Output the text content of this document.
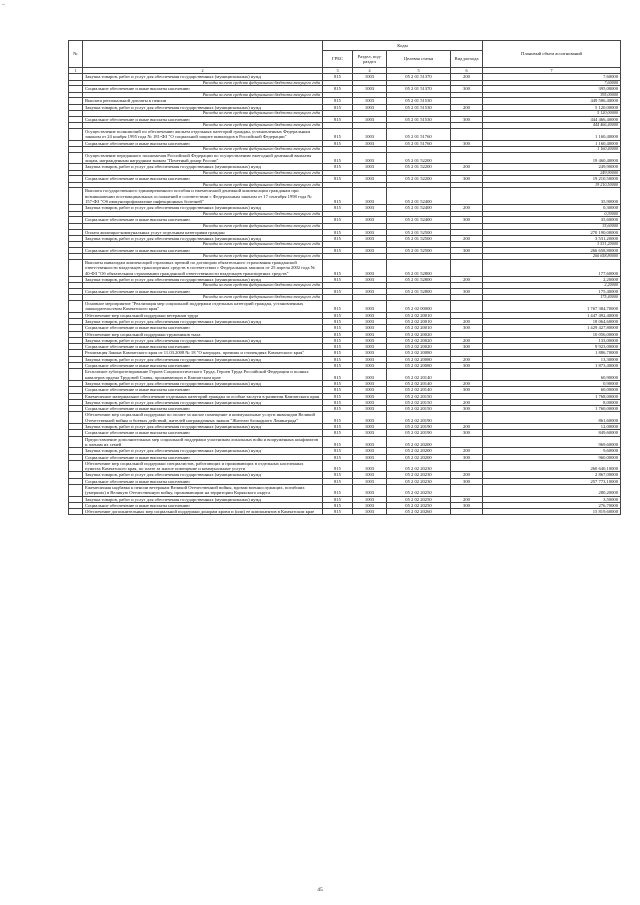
–
№		Коды				Плановый объем ассигнований
		ГРБС	Раздел, под-раздел	Целевая статья	Вид расхода	
1	2	3	4	5	6	7
	Закупка товаров, работ и услуг для обеспечения государственных (муниципальных) нужд	815	1003	05 2 01 51370	200	7,60000
	Расходы за счет средств федерального бюджета текущего года					7,60000
	Социальное обеспечение и иные выплаты населению	815	1003	05 2 01 51370	300	395,00000
	Расходы за счет средств федерального бюджета текущего года					395,00000
	Выплата региональной доплаты к пенсии	815	1003	05 2 01 51530		449 586,40000
	Закупка товаров, работ и услуг для обеспечения государственных (муниципальных) нужд	815	1003	05 2 01 51530	200	5 120,00000
	Расходы за счет средств федерального бюджета текущего года					5 120,00000
	Социальное обеспечение и иные выплаты населению	815	1003	05 2 01 51530	300	444 466,40000
	Расходы за счет средств федерального бюджета текущего года					444 466,40000
	Осуществление полномочий по обеспечению жильем отдельных категорий граждан, установленных Федеральным законом от 24 ноября 1995 года № 181-ФЗ "О социальной защите инвалидов в Российской Федерации"	815	1003	05 2 01 51760		1 160,40000
	Социальное обеспечение и иные выплаты населению	815	1003	05 2 01 51760	300	1 160,40000
	Расходы за счет средств федерального бюджета текущего года					1 160,40000
	Осуществление переданного полномочия Российской Федерации по осуществлению ежегодной денежной выплаты лицам, награжденным нагрудным знаком "Почетный донор России"	815	1003	05 2 01 52200		19 460,40000
	Закупка товаров, работ и услуг для обеспечения государственных (муниципальных) нужд	815	1003	05 2 01 52200	200	249,90000
	Расходы за счет средств федерального бюджета текущего года					249,90000
	Социальное обеспечение и иные выплаты населению	815	1003	05 2 01 52200	300	19 210,50000
	Расходы за счет средств федерального бюджета текущего года					19 210,50000
	Выплата государственного единовременного пособия и ежемесячной денежной компенсации гражданам при возникновении поствакцинальных осложнений в соответствии с Федеральным законом от 17 сентября 1998 года № 157-ФЗ "Об иммунопрофилактике инфекционных болезней"	815	1003	05 2 01 52400		35,90000
	Закупка товаров, работ и услуг для обеспечения государственных (муниципальных) нужд	815	1003	05 2 01 52400	200	0,30000
	Расходы за счет средств федерального бюджета текущего года					0,30000
	Социальное обеспечение и иные выплаты населению	815	1003	05 2 01 52400	300	35,60000
	Расходы за счет средств федерального бюджета текущего года					35,60000
	Оплата жилищно-коммунальных услуг отдельным категориям граждан	815	1003	05 2 01 52500		270 190,00000
	Закупка товаров, работ и услуг для обеспечения государственных (муниципальных) нужд	815	1003	05 2 01 52500	200	3 531,20000
	Расходы за счет средств федерального бюджета текущего года					3 531,20000
	Социальное обеспечение и иные выплаты населению	815	1003	05 2 01 52500	300	266 658,80000
	Расходы за счет средств федерального бюджета текущего года					266 658,80000
	Выплаты инвалидам компенсаций страховых премий по договорам обязательного страхования гражданской ответственности владельцев транспортных средств в соответствии с Федеральным законом от 25 апреля 2002 года № 40-ФЗ "Об обязательном страховании гражданской ответственности владельцев транспортных средств"	815	1003	05 2 01 52800		177,60000
	Закупка товаров, работ и услуг для обеспечения государственных (муниципальных) нужд	815	1003	05 2 01 52800	200	2,20000
	Расходы за счет средств федерального бюджета текущего года					2,20000
	Социальное обеспечение и иные выплаты населению	815	1003	05 2 01 52800	300	175,40000
	Расходы за счет средств федерального бюджета текущего года					175,40000
	Основное мероприятие "Реализация мер социальной поддержки отдельных категорий граждан, установленных законодательством Камчатского края"	815	1003	05 2 02 00000		1 767 384,70000
	Обеспечение мер социальной поддержки ветеранов труда	815	1003	05 2 02 20010		1 447 492,40000
	Закупка товаров, работ и услуг для обеспечения государственных (муниципальных) нужд	815	1003	05 2 02 20010	200	18 064,60000
	Социальное обеспечение и иные выплаты населению	815	1003	05 2 02 20010	300	1 429 427,80000
	Обеспечение мер социальной поддержки тружеников тыла	815	1003	05 2 02 20020		10 056,00000
	Закупка товаров, работ и услуг для обеспечения государственных (муниципальных) нужд	815	1003	05 2 02 20020	200	133,00000
	Социальное обеспечение и иные выплаты населению	815	1003	05 2 02 20020	300	9 923,00000
	Реализация Закона Камчатского края от 11.03.2008 № 18 "О наградах, премиях и стипендиях Камчатского края"	815	1003	05 2 02 20080		1 886,70000
	Закупка товаров, работ и услуг для обеспечения государственных (муниципальных) нужд	815	1003	05 2 02 20080	200	13,30000
	Социальное обеспечение и иные выплаты населению	815	1003	05 2 02 20080	300	1 873,40000
	Бесплатное зубопротезирование Героев Социалистического Труда, Героев Труда Российской Федерации и полных кавалеров ордена Трудовой Славы, проживающих в Камчатском крае	815	1003	05 2 02 20140		60,90000
	Закупка товаров, работ и услуг для обеспечения государственных (муниципальных) нужд	815	1003	05 2 02 20140	200	0,90000
	Социальное обеспечение и иные выплаты населению	815	1003	05 2 02 20140	300	60,00000
	Ежемесячное материальное обеспечение отдельных категорий граждан за особые заслуги в развитии Камчатского края	815	1003	05 2 02 20150		1 768,00000
	Закупка товаров, работ и услуг для обеспечения государственных (муниципальных) нужд	815	1003	05 2 02 20150	200	8,00000
	Социальное обеспечение и иные выплаты населению	815	1003	05 2 02 20150	300	1 760,00000
	Обеспечение мер социальной поддержки по оплате за жилое помещение и коммунальные услуги инвалидов Великой Отечественной войны и боевых действий, жителей награжденных знаком "Жителю блокадного Ленинграда"	815	1003	05 2 02 20190		861,60000
	Закупка товаров, работ и услуг для обеспечения государственных (муниципальных) нужд	815	1003	05 2 02 20190	200	12,00000
	Социальное обеспечение и иные выплаты населению	815	1003	05 2 02 20190	300	849,60000
	Предоставление дополнительных мер социальной поддержки участникам локальных войн и вооруженных конфликтов и членам их семей	815	1003	05 2 02 20200		969,60000
	Закупка товаров, работ и услуг для обеспечения государственных (муниципальных) нужд	815	1003	05 2 02 20200	200	9,60000
	Социальное обеспечение и иные выплаты населению	815	1003	05 2 02 20200	300	960,00000
	Обеспечение мер социальной поддержки специалистов, работающих и проживающих в отдельных населенных пунктах Камчатского края, по плате за жилое помещение и коммунальные услуги	815	1003	05 2 02 20230		260 640,10000
	Закупка товаров, работ и услуг для обеспечения государственных (муниципальных) нужд	815	1003	05 2 02 20230	200	2 867,00000
	Социальное обеспечение и иные выплаты населению	815	1003	05 2 02 20230	300	257 773,10000
	Ежемесячная надбавка к пенсии ветеранам Великой Отечественной войны, вдовам военнослужащих, погибших (умерших) в Великую Отечественную войну, проживающим на территории Корякского округа	815	1003	05 2 02 20250		280,20000
	Закупка товаров, работ и услуг для обеспечения государственных (муниципальных) нужд	815	1003	05 2 02 20250	200	3,50000
	Социальное обеспечение и иные выплаты населению	815	1003	05 2 02 20250	300	276,70000
	Обеспечение дополнительных мер социальной поддержки донорам крови и (или) ее компонентов в Камчатском крае	815	1003	05 2 02 20260		15 819,60000
45
